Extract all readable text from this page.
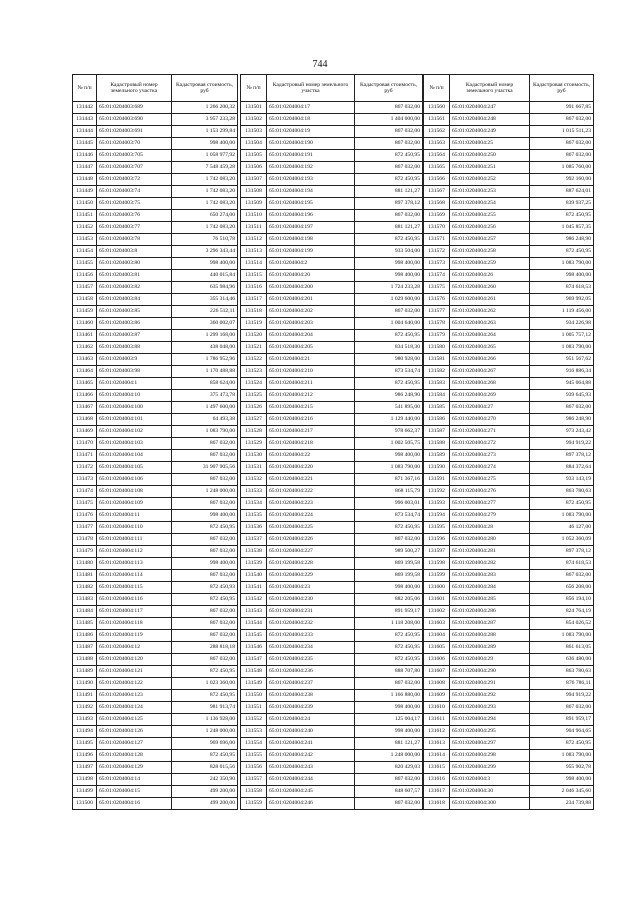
744
№ п/п	Кадастровый номер земельного участка	Кадастровая стоимость, руб
131442	65:01:0204003:689	1 266 200,32
131443	65:01:0204003:690	3 957 233,28
131444	65:01:0204003:691	1 153 299,84
131445	65:01:0204003:70	998 400,00
131446	65:01:0204003:705	1 058 977,92
131447	65:01:0204003:707	7 548 459,28
131448	65:01:0204003:72	1 742 083,20
131449	65:01:0204003:74	1 742 083,20
131450	65:01:0204003:75	1 742 083,20
131451	65:01:0204003:76	650 274,00
131452	65:01:0204003:77	1 742 083,20
131453	65:01:0204003:78	76 510,78
131454	65:01:0204003:8	3 296 343,44
131455	65:01:0204003:80	998 400,00
131456	65:01:0204003:81	440 015,84
131457	65:01:0204003:82	635 984,96
131458	65:01:0204003:84	355 314,46
131459	65:01:0204003:85	226 512,11
131460	65:01:0204003:86	360 002,07
131461	65:01:0204003:87	1 299 168,00
131462	65:01:0204003:88	438 048,00
131463	65:01:0204003:9	1 786 952,96
131464	65:01:0204003:98	1 170 488,88
131465	65:01:0204004:1	858 624,00
131466	65:01:0204004:10	375 473,78
131467	65:01:0204004:100	1 497 600,00
131468	65:01:0204004:101	64 493,38
131469	65:01:0204004:102	1 083 790,00
131470	65:01:0204004:103	867 032,00
131471	65:01:0204004:104	867 032,00
131472	65:01:0204004:105	31 907 905,56
131473	65:01:0204004:106	867 032,00
131474	65:01:0204004:108	1 248 000,00
131475	65:01:0204004:109	867 032,00
131476	65:01:0204004:11	998 400,00
131477	65:01:0204004:110	872 450,95
131478	65:01:0204004:111	867 032,00
131479	65:01:0204004:112	867 032,00
131480	65:01:0204004:113	998 400,00
131481	65:01:0204004:114	867 032,00
131482	65:01:0204004:115	872 450,93
131483	65:01:0204004:116	872 450,95
131484	65:01:0204004:117	867 032,00
131485	65:01:0204004:118	867 032,00
131486	65:01:0204004:119	867 032,00
131487	65:01:0204004:12	288 818,18
131488	65:01:0204004:120	867 032,00
131489	65:01:0204004:121	872 450,95
131490	65:01:0204004:122	1 023 360,00
131491	65:01:0204004:123	872 450,95
131492	65:01:0204004:124	981 913,74
131493	65:01:0204004:125	1 136 928,00
131494	65:01:0204004:126	1 248 000,00
131495	65:01:0204004:127	969 696,00
131496	65:01:0204004:128	872 450,95
131497	65:01:0204004:129	828 015,56
131498	65:01:0204004:14	242 350,90
131499	65:01:0204004:15	499 200,00
131500	65:01:0204004:16	499 200,00
№ п/п	Кадастровый номер земельного участка	Кадастровая стоимость, руб
131501	65:01:0204004:17	867 032,00
131502	65:01:0204004:18	1 404 000,00
131503	65:01:0204004:19	867 032,00
131504	65:01:0204004:190	867 032,00
131505	65:01:0204004:191	872 450,95
131506	65:01:0204004:192	867 032,00
131507	65:01:0204004:193	872 450,95
131508	65:01:0204004:194	881 121,27
131509	65:01:0204004:195	897 378,12
131510	65:01:0204004:196	867 032,00
131511	65:01:0204004:197	881 121,27
131512	65:01:0204004:198	872 450,95
131513	65:01:0204004:199	933 504,00
131514	65:01:0204004:2	998 400,00
131515	65:01:0204004:20	998 400,00
131516	65:01:0204004:200	1 724 233,28
131517	65:01:0204004:201	1 029 600,00
131518	65:01:0204004:202	867 032,00
131519	65:01:0204004:203	1 004 640,00
131520	65:01:0204004:204	872 450,95
131521	65:01:0204004:205	834 518,30
131522	65:01:0204004:21	980 928,00
131523	65:01:0204004:210	873 534,74
131524	65:01:0204004:211	872 450,95
131525	65:01:0204004:212	986 248,90
131526	65:01:0204004:215	541 895,00
131527	65:01:0204004:216	1 129 440,00
131528	65:01:0204004:217	978 662,37
131529	65:01:0204004:218	1 002 505,75
131530	65:01:0204004:22	998 400,00
131531	65:01:0204004:220	1 083 790,00
131532	65:01:0204004:221	871 367,16
131533	65:01:0204004:222	868 115,79
131534	65:01:0204004:223	996 003,01
131535	65:01:0204004:224	873 534,74
131536	65:01:0204004:225	872 450,95
131537	65:01:0204004:226	867 032,00
131538	65:01:0204004:227	989 500,27
131539	65:01:0204004:228	869 199,58
131540	65:01:0204004:229	869 199,58
131541	65:01:0204004:23	998 400,00
131542	65:01:0204004:230	882 205,06
131543	65:01:0204004:231	891 959,17
131544	65:01:0204004:232	1 118 208,00
131545	65:01:0204004:233	872 450,95
131546	65:01:0204004:234	872 450,95
131547	65:01:0204004:235	872 450,95
131548	65:01:0204004:236	888 707,80
131549	65:01:0204004:237	867 032,00
131550	65:01:0204004:238	1 166 880,00
131551	65:01:0204004:239	998 400,00
131552	65:01:0204004:24	125 004,17
131553	65:01:0204004:240	998 400,00
131554	65:01:0204004:241	881 121,27
131555	65:01:0204004:242	1 248 000,00
131556	65:01:0204004:243	820 429,03
131557	65:01:0204004:244	867 032,00
131558	65:01:0204004:245	848 607,57
131559	65:01:0204004:246	867 032,00
№ п/п	Кадастровый номер земельного участка	Кадастровая стоимость, руб
131560	65:01:0204004:247	991 667,85
131561	65:01:0204004:248	867 032,00
131562	65:01:0204004:249	1 015 511,23
131563	65:01:0204004:25	867 032,00
131564	65:01:0204004:250	867 032,00
131565	65:01:0204004:251	1 085 760,00
131566	65:01:0204004:252	992 160,00
131567	65:01:0204004:253	887 624,01
131568	65:01:0204004:254	839 937,25
131569	65:01:0204004:255	872 450,95
131570	65:01:0204004:256	1 045 857,35
131571	65:01:0204004:257	986 248,90
131572	65:01:0204004:258	872 450,95
131573	65:01:0204004:259	1 083 790,00
131574	65:01:0204004:26	998 400,00
131575	65:01:0204004:260	874 618,53
131576	65:01:0204004:261	969 992,05
131577	65:01:0204004:262	1 119 456,00
131578	65:01:0204004:263	934 226,98
131579	65:01:0204004:264	1 005 757,12
131580	65:01:0204004:265	1 083 790,00
131581	65:01:0204004:266	951 567,62
131582	65:01:0204004:267	916 886,34
131583	65:01:0204004:268	945 064,88
131584	65:01:0204004:269	939 645,93
131585	65:01:0204004:27	867 032,00
131586	65:01:0204004:270	986 248,90
131587	65:01:0204004:271	973 243,42
131588	65:01:0204004:272	994 919,22
131589	65:01:0204004:273	897 378,12
131590	65:01:0204004:274	884 372,64
131591	65:01:0204004:275	933 143,19
131592	65:01:0204004:276	863 780,63
131593	65:01:0204004:277	872 450,95
131594	65:01:0204004:279	1 083 790,00
131595	65:01:0204004:28	46 127,00
131596	65:01:0204004:280	1 052 360,09
131597	65:01:0204004:281	897 378,12
131598	65:01:0204004:282	874 618,53
131599	65:01:0204004:283	867 032,00
131600	65:01:0204004:284	656 208,00
131601	65:01:0204004:285	856 194,10
131602	65:01:0204004:286	824 764,19
131603	65:01:0204004:287	854 026,52
131604	65:01:0204004:288	1 083 790,00
131605	65:01:0204004:289	861 613,05
131606	65:01:0204004:29	636 480,00
131607	65:01:0204004:290	863 780,63
131608	65:01:0204004:291	876 786,11
131609	65:01:0204004:292	994 919,22
131610	65:01:0204004:293	867 032,00
131611	65:01:0204004:294	891 959,17
131612	65:01:0204004:295	904 964,65
131613	65:01:0204004:297	872 450,95
131614	65:01:0204004:298	1 083 790,00
131615	65:01:0204004:299	955 902,78
131616	65:01:0204004:3	998 400,00
131617	65:01:0204004:30	2 046 345,60
131618	65:01:0204004:300	234 739,88
